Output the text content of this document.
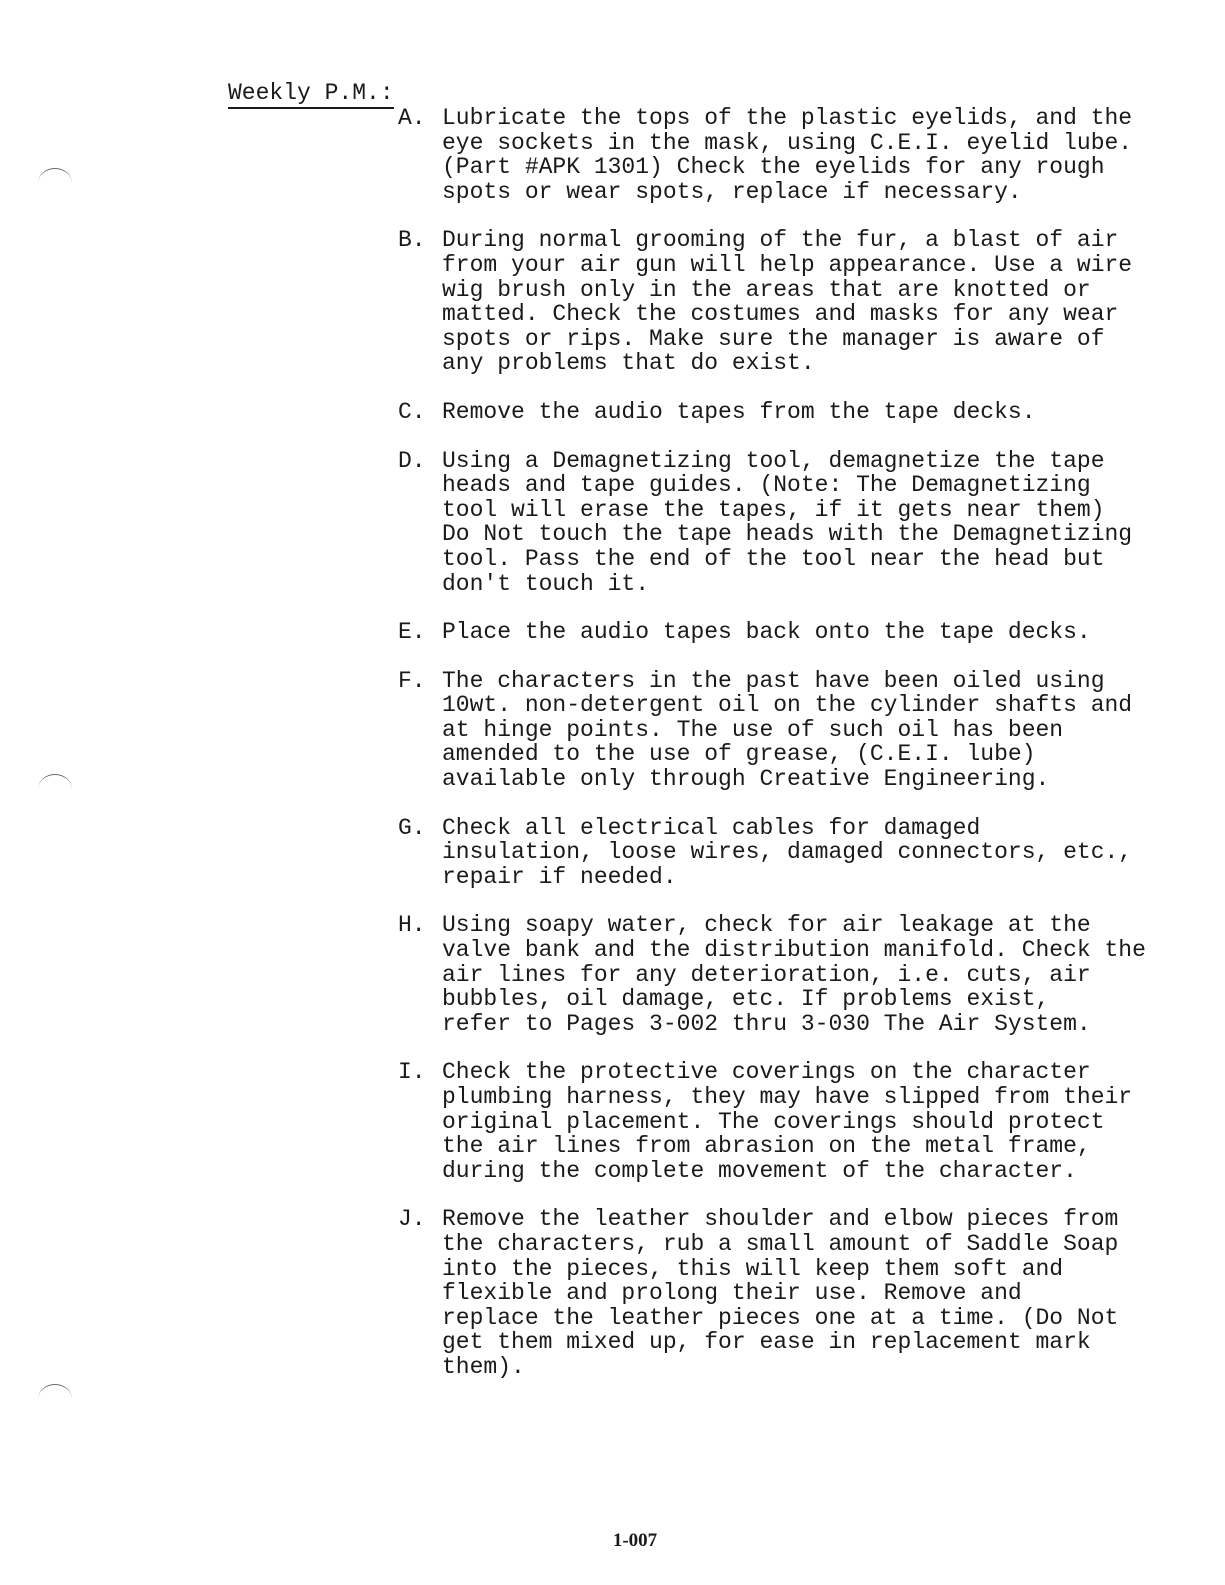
Weekly P.M.:
A. Lubricate the tops of the plastic eyelids, and the
eye sockets in the mask, using C.E.I. eyelid lube.
(Part #APK 1301) Check the eyelids for any rough
spots or wear spots, replace if necessary.
B. During normal grooming of the fur, a blast of air
from your air gun will help appearance. Use a wire
wig brush only in the areas that are knotted or
matted. Check the costumes and masks for any wear
spots or rips. Make sure the manager is aware of
any problems that do exist.
C. Remove the audio tapes from the tape decks.
D. Using a Demagnetizing tool, demagnetize the tape
heads and tape guides. (Note: The Demagnetizing
tool will erase the tapes, if it gets near them)
Do Not touch the tape heads with the Demagnetizing
tool. Pass the end of the tool near the head but
don't touch it.
E. Place the audio tapes back onto the tape decks.
F. The characters in the past have been oiled using
10wt. non-detergent oil on the cylinder shafts and
at hinge points. The use of such oil has been
amended to the use of grease, (C.E.I. lube)
available only through Creative Engineering.
G. Check all electrical cables for damaged
insulation, loose wires, damaged connectors, etc.,
repair if needed.
H. Using soapy water, check for air leakage at the
valve bank and the distribution manifold. Check the
air lines for any deterioration, i.e. cuts, air
bubbles, oil damage, etc. If problems exist,
refer to Pages 3-002 thru 3-030 The Air System.
I. Check the protective coverings on the character
plumbing harness, they may have slipped from their
original placement. The coverings should protect
the air lines from abrasion on the metal frame,
during the complete movement of the character.
J. Remove the leather shoulder and elbow pieces from
the characters, rub a small amount of Saddle Soap
into the pieces, this will keep them soft and
flexible and prolong their use. Remove and
replace the leather pieces one at a time. (Do Not
get them mixed up, for ease in replacement mark
them).
1-007
